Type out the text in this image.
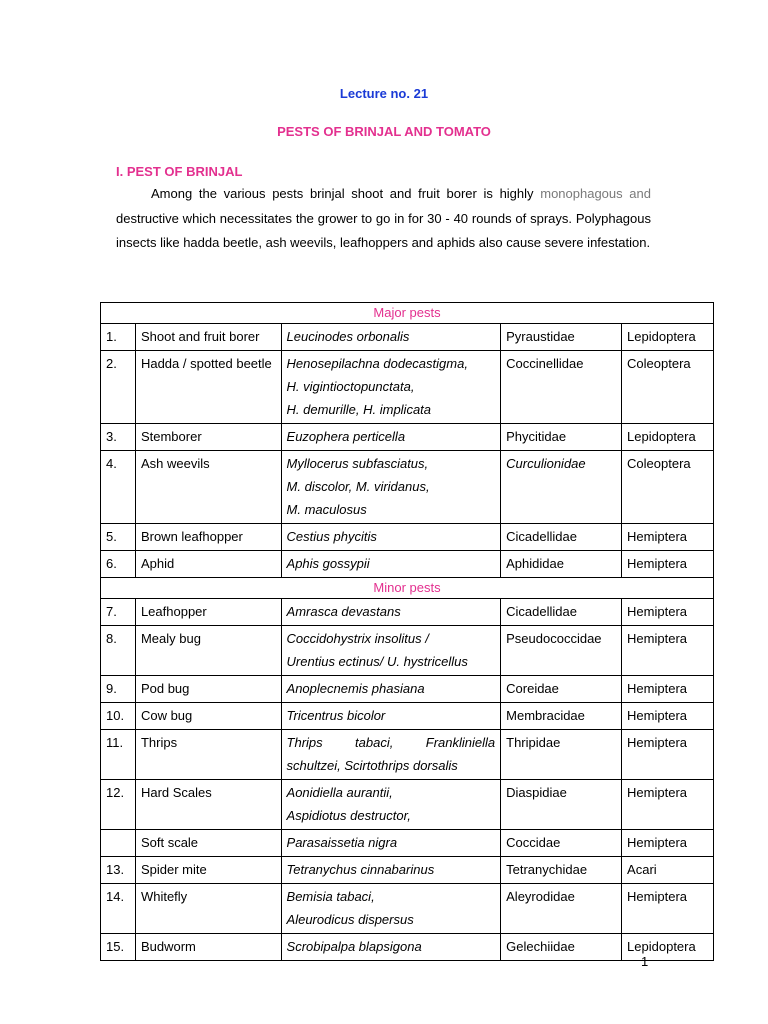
Lecture no. 21
PESTS OF BRINJAL AND TOMATO
I. PEST OF BRINJAL
Among the various pests brinjal shoot and fruit borer is highly monophagous and destructive which necessitates the grower to go in for 30 - 40 rounds of sprays. Polyphagous insects like hadda beetle, ash weevils, leafhoppers and aphids also cause severe infestation.
Major pests				
1.	Shoot and fruit borer	Leucinodes orbonalis	Pyraustidae	Lepidoptera
2.	Hadda / spotted beetle	Henosepilachna dodecastigma,
H. vigintioctopunctata,
H. demurille, H. implicata	Coccinellidae	Coleoptera
3.	Stemborer	Euzophera perticella	Phycitidae	Lepidoptera
4.	Ash weevils	Myllocerus subfasciatus,
M. discolor, M. viridanus,
M. maculosus	Curculionidae	Coleoptera
5.	Brown leafhopper	Cestius phycitis	Cicadellidae	Hemiptera
6.	Aphid	Aphis gossypii	Aphididae	Hemiptera
Minor pests				
7.	Leafhopper	Amrasca devastans	Cicadellidae	Hemiptera
8.	Mealy bug	Coccidohystrix insolitus /
Urentius ectinus/ U. hystricellus	Pseudococcidae	Hemiptera
9.	Pod bug	Anoplecnemis phasiana	Coreidae	Hemiptera
10.	Cow bug	Tricentrus bicolor	Membracidae	Hemiptera
11.	Thrips	Thrips tabaci, Frankliniella
schultzei, Scirtothrips dorsalis	Thripidae	Hemiptera
12.	Hard Scales	Aonidiella aurantii,
Aspidiotus destructor,	Diaspidiae	Hemiptera
	Soft scale	Parasaissetia nigra	Coccidae	Hemiptera
13.	Spider mite	Tetranychus cinnabarinus	Tetranychidae	Acari
14.	Whitefly	Bemisia tabaci,
Aleurodicus dispersus	Aleyrodidae	Hemiptera
15.	Budworm	Scrobipalpa blapsigona	Gelechiidae	Lepidoptera
1
